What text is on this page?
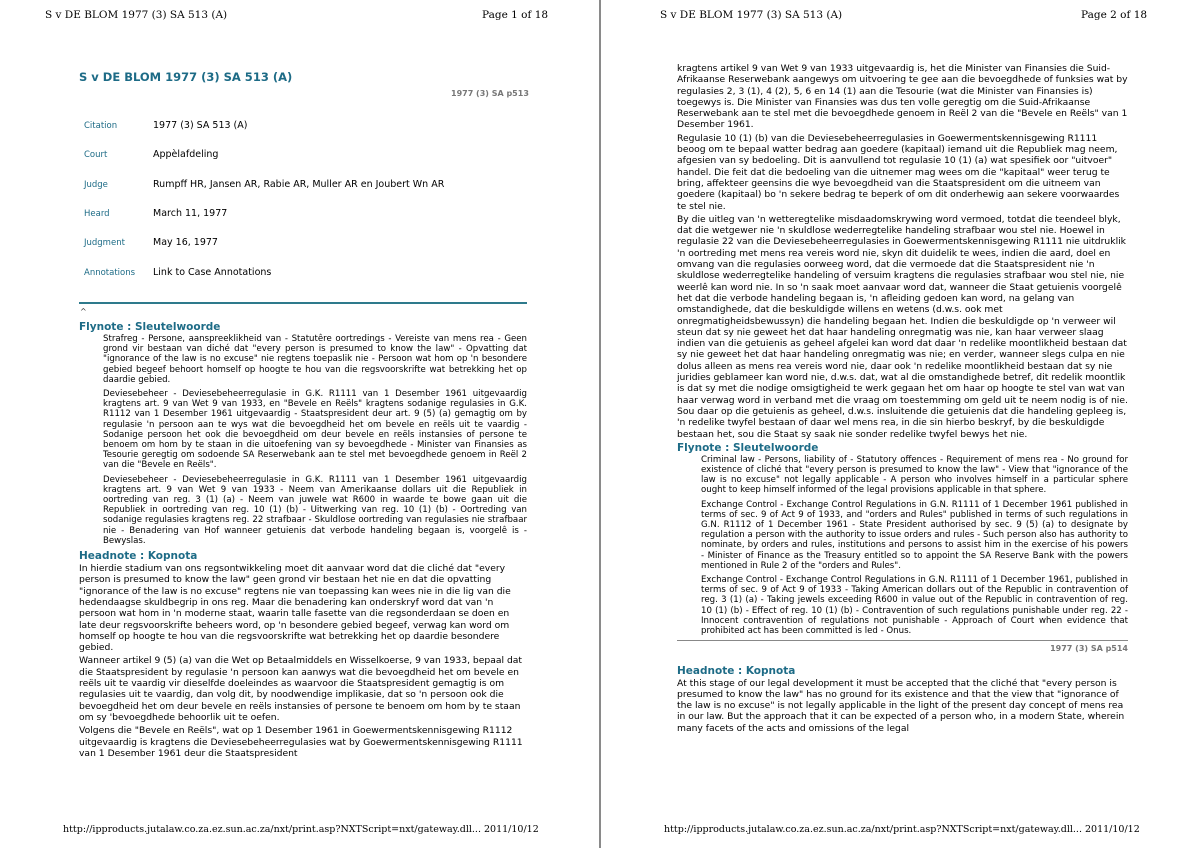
S v DE BLOM 1977 (3) SA 513 (A)	Page 1 of 18
S v DE BLOM 1977 (3) SA 513 (A)
1977 (3) SA p513
Citation	1977 (3) SA 513 (A)
Court	Appèlafdeling
Judge	Rumpff HR, Jansen AR, Rabie AR, Muller AR en Joubert Wn AR
Heard	March 11, 1977
Judgment	May 16, 1977
Annotations Link to Case Annotations
^
Flynote : Sleutelwoorde

Strafreg - Persone, aanspreeklikheid van - Statutêre oortredings - Vereiste van mens rea - Geen grond vir bestaan van diché dat "every person is presumed to know the law" - Opvatting dat "ignorance of the law is no excuse" nie regtens toepaslik nie - Persoon wat hom op 'n besondere gebied begeef behoort homself op hoogte te hou van die regsvoorskrifte wat betrekking het op daardie gebied.

Deviesebeheer - Deviesebeheerregulasie in G.K. R1111 van 1 Desember 1961 uitgevaardig kragtens art. 9 van Wet 9 van 1933, en "Bevele en Reëls" kragtens sodanige regulasies in G.K. R1112 van 1 Desember 1961 uitgevaardig - Staatspresident deur art. 9 (5) (a) gemagtig om by regulasie 'n persoon aan te wys wat die bevoegdheid het om bevele en reëls uit te vaardig - Sodanige persoon het ook die bevoegdheid om deur bevele en reëls instansies of persone te benoem om hom by te staan in die uitoefening van sy bevoegdhede - Minister van Finansies as Tesourie geregtig om sodoende SA Reserwebank aan te stel met bevoegdhede genoem in Reël 2 van die "Bevele en Reëls".

Deviesebeheer - Deviesebeheerregulasie in G.K. R1111 van 1 Desember 1961 uitgevaardig kragtens art. 9 van Wet 9 van 1933 - Neem van Amerikaanse dollars uit die Republiek in oortreding van reg. 3 (1) (a) - Neem van juwele wat R600 in waarde te bowe gaan uit die Republiek in oortreding van reg. 10 (1) (b) - Uitwerking van reg. 10 (1) (b) - Oortreding van sodanige regulasies kragtens reg. 22 strafbaar - Skuldlose oortreding van regulasies nie strafbaar nie - Benadering van Hof wanneer getuienis dat verbode handeling begaan is, voorgelê is - Bewyslas.

Headnote : Kopnota

In hierdie stadium van ons regsontwikkeling moet dit aanvaar word dat die cliché dat "every person is presumed to know the law" geen grond vir bestaan het nie en dat die opvatting "ignorance of the law is no excuse" regtens nie van toepassing kan wees nie in die lig van die hedendaagse skuldbegrip in ons reg. Maar die benadering kan onderskryf word dat van 'n persoon wat hom in 'n moderne staat, waarin talle fasette van die regsonderdaan se doen en late deur regsvoorskrifte beheers word, op 'n besondere gebied begeef, verwag kan word om homself op hoogte te hou van die regsvoorskrifte wat betrekking het op daardie besondere gebied.

Wanneer artikel 9 (5) (a) van die Wet op Betaalmiddels en Wisselkoerse, 9 van 1933, bepaal dat die Staatspresident by regulasie 'n persoon kan aanwys wat die bevoegdheid het om bevele en reëls uit te vaardig vir dieselfde doeleindes as waarvoor die Staatspresident gemagtig is om regulasies uit te vaardig, dan volg dit, by noodwendige implikasie, dat so 'n persoon ook die bevoegdheid het om deur bevele en reëls instansies of persone te benoem om hom by te staan om sy 'bevoegdhede behoorlik uit te oefen.

Volgens die "Bevele en Reëls", wat op 1 Desember 1961 in Goewermentskennisgewing R1112 uitgevaardig is kragtens die Deviesebeheerregulasies wat by Goewermentskennisgewing R1111 van 1 Desember 1961 deur die Staatspresident

http://ipproducts.jutalaw.co.za.ez.sun.ac.za/nxt/print.asp?NXTScript=nxt/gateway.dll... 2011/10/12
S v DE BLOM 1977 (3) SA 513 (A)	Page 2 of 18

kragtens artikel 9 van Wet 9 van 1933 uitgevaardig is, het die Minister van Finansies die Suid-Afrikaanse Reserwebank aangewys om uitvoering te gee aan die bevoegdhede of funksies wat by regulasies 2, 3 (1), 4 (2), 5, 6 en 14 (1) aan die Tesourie (wat die Minister van Finansies is) toegewys is. Die Minister van Finansies was dus ten volle geregtig om die Suid-Afrikaanse Reserwebank aan te stel met die bevoegdhede genoem in Reël 2 van die "Bevele en Reëls" van 1 Desember 1961.

Regulasie 10 (1) (b) van die Deviesebeheerregulasies in Goewermentskennisgewing R1111 beoog om te bepaal watter bedrag aan goedere (kapitaal) iemand uit die Republiek mag neem, afgesien van sy bedoeling. Dit is aanvullend tot regulasie 10 (1) (a) wat spesifiek oor "uitvoer" handel. Die feit dat die bedoeling van die uitnemer mag wees om die "kapitaal" weer terug te bring, affekteer geensins die wye bevoegdheid van die Staatspresident om die uitneem van goedere (kapitaal) bo 'n sekere bedrag te beperk of om dit onderhewig aan sekere voorwaardes te stel nie.

By die uitleg van 'n wetteregtelike misdaadomskrywing word vermoed, totdat die teendeel blyk, dat die wetgewer nie 'n skuldlose wederregtelike handeling strafbaar wou stel nie. Hoewel in regulasie 22 van die Deviesebeheerregulasies in Goewermentskennisgewing R1111 nie uitdruklik 'n oortreding met mens rea vereis word nie, skyn dit duidelik te wees, indien die aard, doel en omvang van die regulasies oorweeg word, dat die vermoede dat die Staatspresident nie 'n skuldlose wederregtelike handeling of versuim kragtens die regulasies strafbaar wou stel nie, nie weerlê kan word nie. In so 'n saak moet aanvaar word dat, wanneer die Staat getuienis voorgelê het dat die verbode handeling begaan is, 'n afleiding gedoen kan word, na gelang van omstandighede, dat die beskuldigde willens en wetens (d.w.s. ook met onregmatigheidsbewussyn) die handeling begaan het. Indien die beskuldigde op 'n verweer wil steun dat sy nie geweet het dat haar handeling onregmatig was nie, kan haar verweer slaag indien van die getuienis as geheel afgelei kan word dat daar 'n redelike moontlikheid bestaan dat sy nie geweet het dat haar handeling onregmatig was nie; en verder, wanneer slegs culpa en nie dolus alleen as mens rea vereis word nie, daar ook 'n redelike moontlikheid bestaan dat sy nie juridies geblameer kan word nie, d.w.s. dat, wat al die omstandighede betref, dit redelik moontlik is dat sy met die nodige omsigtigheid te werk gegaan het om haar op hoogte te stel van wat van haar verwag word in verband met die vraag om toestemming om geld uit te neem nodig is of nie. Sou daar op die getuienis as geheel, d.w.s. insluitende die getuienis dat die handeling gepleeg is, 'n redelike twyfel bestaan of daar wel mens rea, in die sin hierbo beskryf, by die beskuldigde bestaan het, sou die Staat sy saak nie sonder redelike twyfel bewys het nie.

Flynote : Sleutelwoorde

Criminal law - Persons, liability of - Statutory offences - Requirement of mens rea - No ground for existence of cliché that "every person is presumed to know the law" - View that "ignorance of the law is no excuse" not legally applicable - A person who involves himself in a particular sphere ought to keep himself informed of the legal provisions applicable in that sphere.

Exchange Control - Exchange Control Regulations in G.N. R1111 of 1 December 1961 published in terms of sec. 9 of Act 9 of 1933, and "orders and Rules" published in terms of such regulations in G.N. R1112 of 1 December 1961 - State President authorised by sec. 9 (5) (a) to designate by regulation a person with the authority to issue orders and rules - Such person also has authority to nominate, by orders and rules, institutions and persons to assist him in the exercise of his powers - Minister of Finance as the Treasury entitled so to appoint the SA Reserve Bank with the powers mentioned in Rule 2 of the "orders and Rules".

Exchange Control - Exchange Control Regulations in G.N. R1111 of 1 December 1961, published in terms of sec. 9 of Act 9 of 1933 - Taking American dollars out of the Republic in contravention of reg. 3 (1) (a) - Taking jewels exceeding R600 in value out of the Republic in contravention of reg. 10 (1) (b) - Effect of reg. 10 (1) (b) - Contravention of such regulations punishable under reg. 22 - Innocent contravention of regulations not punishable - Approach of Court when evidence that prohibited act has been committed is led - Onus.

1977 (3) SA p514
Headnote : Kopnota

At this stage of our legal development it must be accepted that the cliché that "every person is presumed to know the law" has no ground for its existence and that the view that "ignorance of the law is no excuse" is not legally applicable in the light of the present day concept of mens rea in our law. But the approach that it can be expected of a person who, in a modern State, wherein many facets of the acts and omissions of the legal

http://ipproducts.jutalaw.co.za.ez.sun.ac.za/nxt/print.asp?NXTScript=nxt/gateway.dll... 2011/10/12
